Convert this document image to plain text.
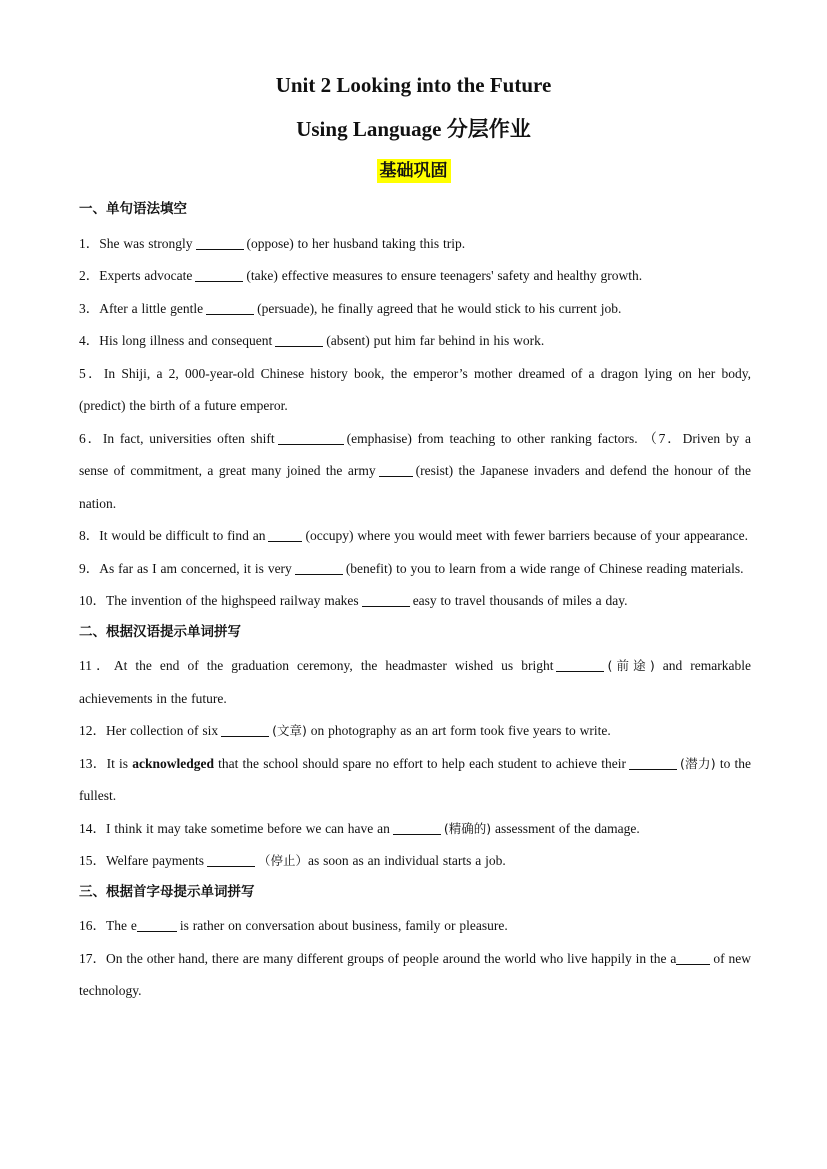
Unit 2 Looking into the Future
Using Language 分层作业
基础巩固
一、单句语法填空
1．She was strongly	(oppose) to her husband taking this trip.
2．Experts advocate	(take) effective measures to ensure teenagers' safety and healthy growth.
3．After a little gentle	(persuade), he finally agreed that he would stick to his current job.
4．His long illness and consequent	(absent) put him far behind in his work.
5．In Shiji, a 2, 000-year-old Chinese history book, the emperor’s mother dreamed of a dragon lying on her body, (predict) the birth of a future emperor.
6．In fact, universities often shift	(emphasise) from teaching to other ranking factors. （7．Driven by a sense of commitment, a great many joined the army	(resist) the Japanese invaders and defend the honour of the nation.
8．It would be difficult to find an	(occupy) where you would meet with fewer barriers because of your appearance.
9．As far as I am concerned, it is very	(benefit) to you to learn from a wide range of Chinese reading materials.
10．The invention of the highspeed railway makes	easy to travel thousands of miles a day.
二、根据汉语提示单词拼写
11．At the end of the graduation ceremony, the headmaster wished us bright	(前途) and remarkable achievements in the future.
12．Her collection of six	(文章) on photography as an art form took five years to write.
13．It is acknowledged that the school should spare no effort to help each student to achieve their	(潜力) to the fullest.
14．I think it may take sometime before we can have an	(精确的) assessment of the damage.
15．Welfare payments	（停止）as soon as an individual starts a job.
三、根据首字母提示单词拼写
16．The e	is rather on conversation about business, family or pleasure.
17．On the other hand, there are many different groups of people around the world who live happily in the a	of new technology.
